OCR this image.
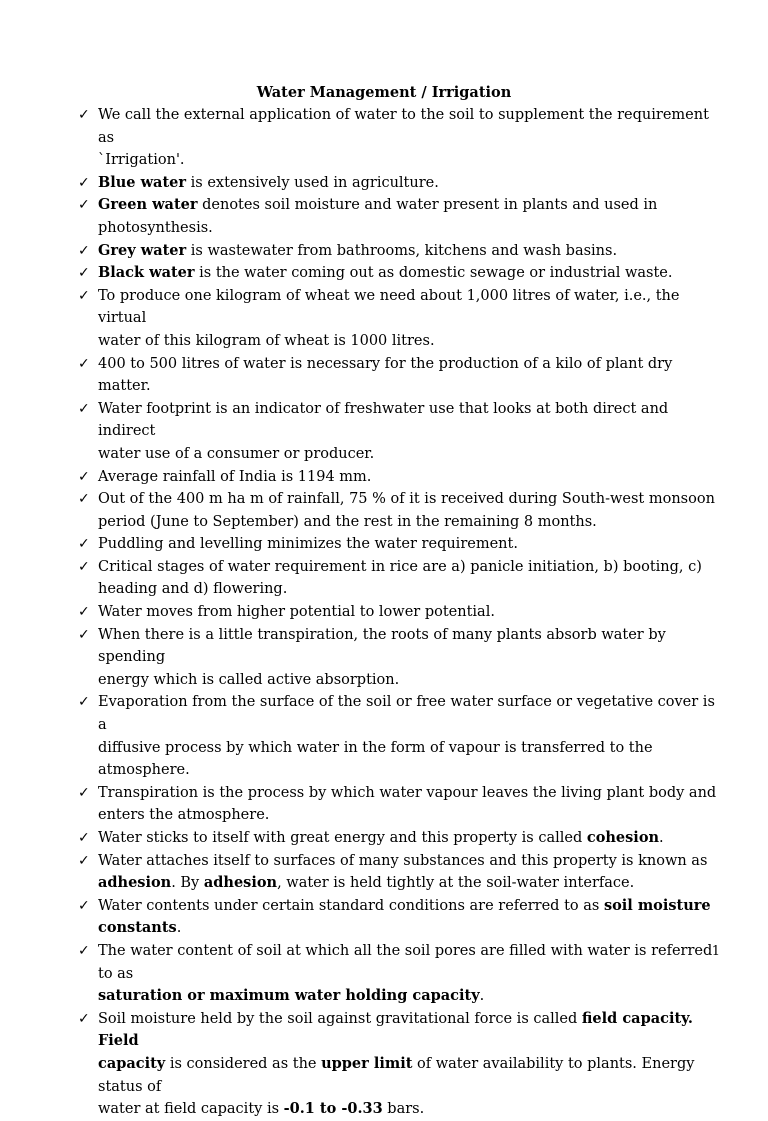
Water Management / Irrigation
✓ We call the external application of water to the soil to supplement the requirement as
`Irrigation'.
✓ Blue water is extensively used in agriculture.
✓ Green water denotes soil moisture and water present in plants and used in
photosynthesis.
✓ Grey water is wastewater from bathrooms, kitchens and wash basins.
✓ Black water is the water coming out as domestic sewage or industrial waste.
✓ To produce one kilogram of wheat we need about 1,000 litres of water, i.e., the virtual
water of this kilogram of wheat is 1000 litres.
✓ 400 to 500 litres of water is necessary for the production of a kilo of plant dry matter.
✓ Water footprint is an indicator of freshwater use that looks at both direct and indirect
water use of a consumer or producer.
✓ Average rainfall of India is 1194 mm.
✓ Out of the 400 m ha m of rainfall, 75 % of it is received during South-west monsoon
period (June to September) and the rest in the remaining 8 months.
✓ Puddling and levelling minimizes the water requirement.
✓ Critical stages of water requirement in rice are a) panicle initiation, b) booting, c)
heading and d) flowering.
✓ Water moves from higher potential to lower potential.
✓ When there is a little transpiration, the roots of many plants absorb water by spending
energy which is called active absorption.
✓ Evaporation from the surface of the soil or free water surface or vegetative cover is a
diffusive process by which water in the form of vapour is transferred to the atmosphere.
✓ Transpiration is the process by which water vapour leaves the living plant body and
enters the atmosphere.
✓ Water sticks to itself with great energy and this property is called cohesion.
✓ Water attaches itself to surfaces of many substances and this property is known as
adhesion. By adhesion, water is held tightly at the soil-water interface.
✓ Water contents under certain standard conditions are referred to as soil moisture
constants.
✓ The water content of soil at which all the soil pores are filled with water is referred to as
saturation or maximum water holding capacity.
✓ Soil moisture held by the soil against gravitational force is called field capacity. Field
capacity is considered as the upper limit of water availability to plants. Energy status of
water at field capacity is -0.1 to -0.33 bars.
1
